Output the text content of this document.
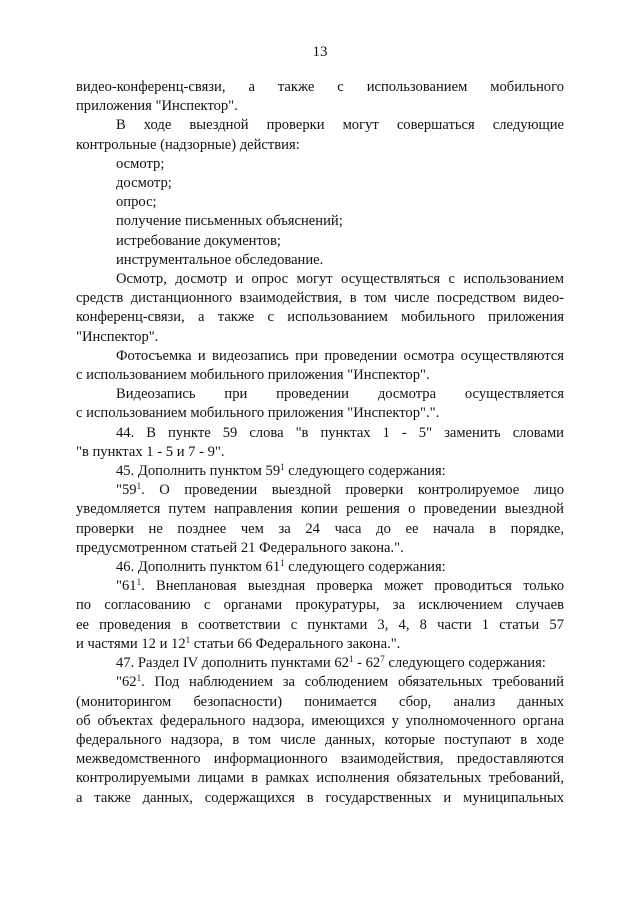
13

видео-конференц-связи, а также с использованием мобильного

приложения "Инспектор".

В ходе выездной проверки могут совершаться следующие

контрольные (надзорные) действия:

осмотр;

досмотр;

опрос;

получение письменных объяснений;

истребование документов;

инструментальное обследование.

Осмотр, досмотр и опрос могут осуществляться с использованием

средств дистанционного взаимодействия, в том числе посредством видео-

конференц-связи, а также с использованием мобильного приложения

"Инспектор".

Фотосъемка и видеозапись при проведении осмотра осуществляются

с использованием мобильного приложения "Инспектор".

Видеозапись при проведении досмотра осуществляется

с использованием мобильного приложения "Инспектор".".

44. В пункте 59 слова "в пунктах 1 - 5" заменить словами

"в пунктах 1 - 5 и 7 - 9".

45. Дополнить пунктом $59^1$ следующего содержания:

"$59^1$. О проведении выездной проверки контролируемое лицо

уведомляется путем направления копии решения о проведении выездной

проверки не позднее чем за 24 часа до ее начала в порядке,

предусмотренном статьей 21 Федерального закона.".

46. Дополнить пунктом $61^1$ следующего содержания:

"$61^1$. Внеплановая выездная проверка может проводиться только

по согласованию с органами прокуратуры, за исключением случаев

ее проведения в соответствии с пунктами 3, 4, 8 части 1 статьи 57

и частями 12 и $12^1$ статьи 66 Федерального закона.".

47. Раздел IV дополнить пунктами $62^1 - 62^7$ следующего содержания:

"$62^1$. Под наблюдением за соблюдением обязательных требований

(мониторингом безопасности) понимается сбор, анализ данных

об объектах федерального надзора, имеющихся у уполномоченного органа

федерального надзора, в том числе данных, которые поступают в ходе

межведомственного информационного взаимодействия, предоставляются

контролируемыми лицами в рамках исполнения обязательных требований,

а также данных, содержащихся в государственных и муниципальных
